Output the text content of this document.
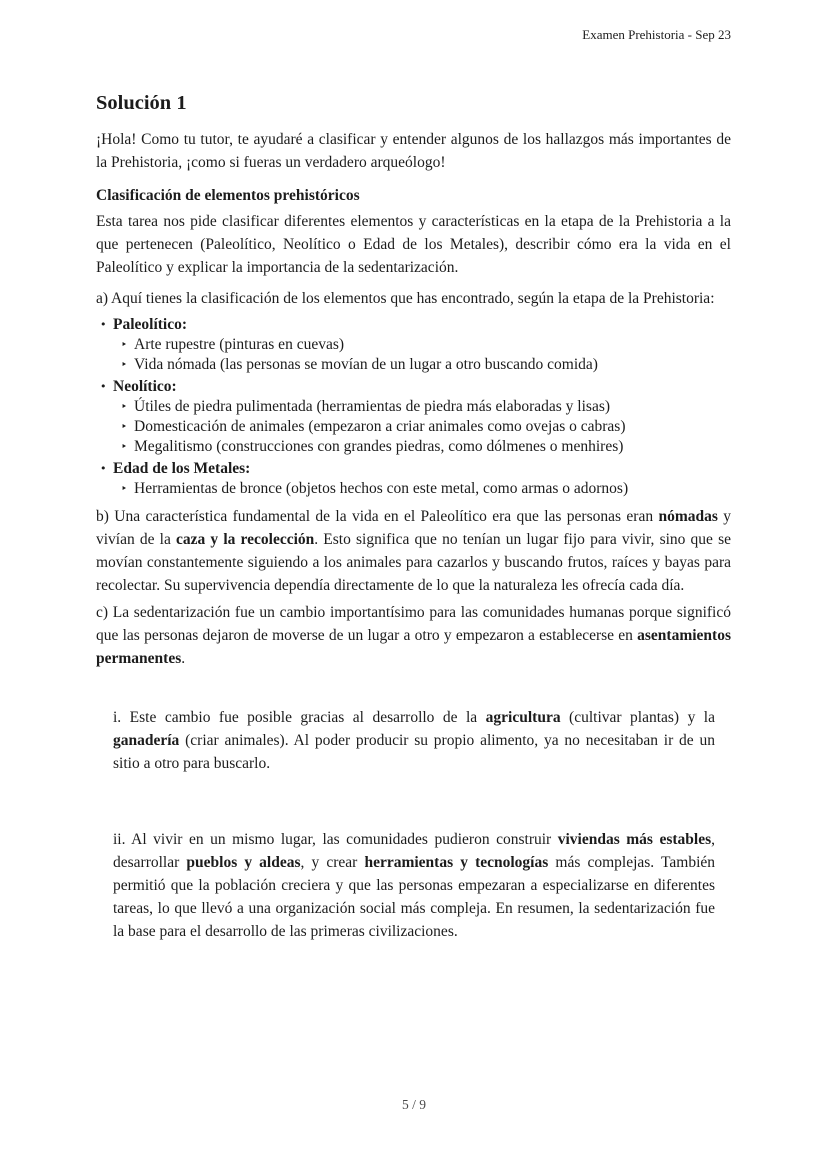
Examen Prehistoria - Sep 23
Solución 1

¡Hola! Como tu tutor, te ayudaré a clasificar y entender algunos de los hallazgos más importantes de la Prehistoria, ¡como si fueras un verdadero arqueólogo!

Clasificación de elementos prehistóricos

Esta tarea nos pide clasificar diferentes elementos y características en la etapa de la Prehistoria a la que pertenecen (Paleolítico, Neolítico o Edad de los Metales), describir cómo era la vida en el Paleolítico y explicar la importancia de la sedentarización.

a) Aquí tienes la clasificación de los elementos que has encontrado, según la etapa de la Prehistoria:

• Paleolítico:
‣ Arte rupestre (pinturas en cuevas)
‣ Vida nómada (las personas se movían de un lugar a otro buscando comida)
• Neolítico:
‣ Útiles de piedra pulimentada (herramientas de piedra más elaboradas y lisas)
‣ Domesticación de animales (empezaron a criar animales como ovejas o cabras)
‣ Megalitismo (construcciones con grandes piedras, como dólmenes o menhires)
• Edad de los Metales:
‣ Herramientas de bronce (objetos hechos con este metal, como armas o adornos)

b) Una característica fundamental de la vida en el Paleolítico era que las personas eran nómadas y vivían de la caza y la recolección. Esto significa que no tenían un lugar fijo para vivir, sino que se movían constantemente siguiendo a los animales para cazarlos y buscando frutos, raíces y bayas para recolectar. Su supervivencia dependía directamente de lo que la naturaleza les ofrecía cada día.

c) La sedentarización fue un cambio importantísimo para las comunidades humanas porque significó que las personas dejaron de moverse de un lugar a otro y empezaron a establecerse en asentamientos permanentes.

i. Este cambio fue posible gracias al desarrollo de la agricultura (cultivar plantas) y la ganadería (criar animales). Al poder producir su propio alimento, ya no necesitaban ir de un sitio a otro para buscarlo.

ii. Al vivir en un mismo lugar, las comunidades pudieron construir viviendas más estables, desarrollar pueblos y aldeas, y crear herramientas y tecnologías más complejas. También permitió que la población creciera y que las personas empezaran a especializarse en diferentes tareas, lo que llevó a una organización social más compleja. En resumen, la sedentarización fue la base para el desarrollo de las primeras civilizaciones.

5 / 9
